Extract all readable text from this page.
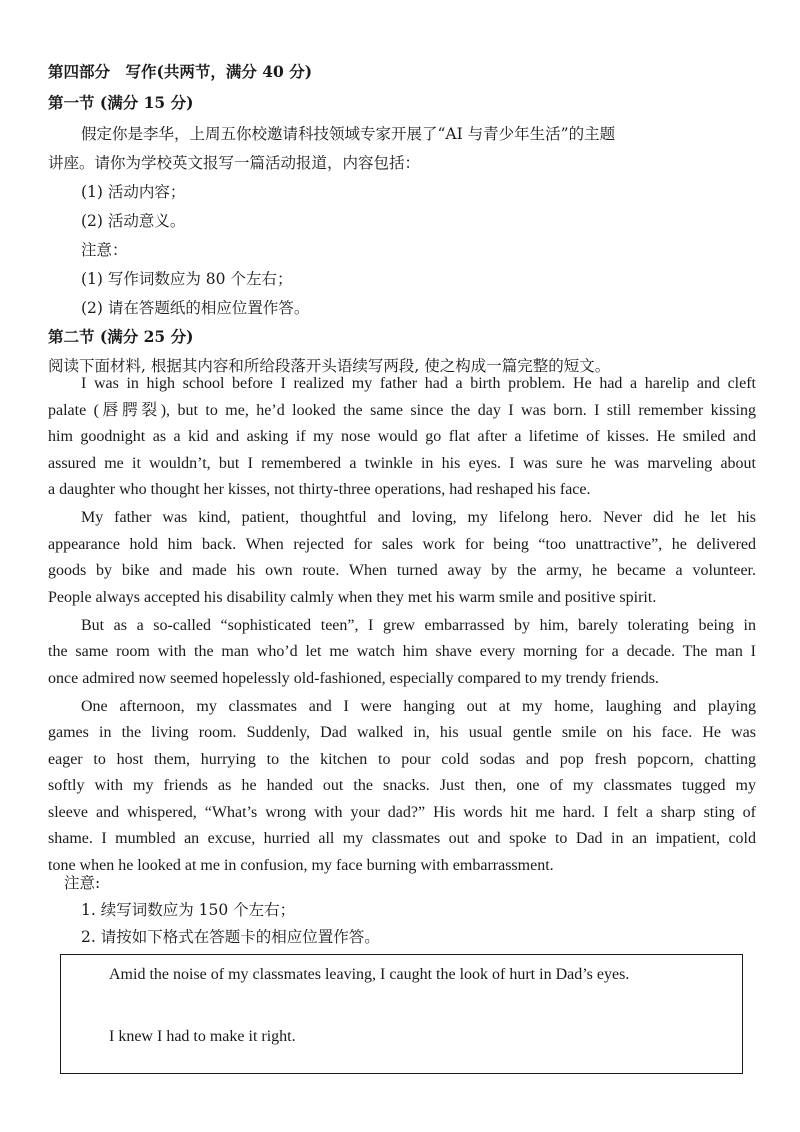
第四部分　写作(共两节，满分 40 分)
第一节 (满分 15 分)
假定你是李华，上周五你校邀请科技领域专家开展了“AI 与青少年生活”的主题
讲座。请你为学校英文报写一篇活动报道，内容包括：
(1) 活动内容；
(2) 活动意义。
注意：
(1) 写作词数应为 80 个左右；
(2) 请在答题纸的相应位置作答。
第二节 (满分 25 分)
阅读下面材料, 根据其内容和所给段落开头语续写两段, 使之构成一篇完整的短文。
I was in high school before I realized my father had a birth problem. He had a harelip and cleft
palate (唇腭裂), but to me, he’d looked the same since the day I was born. I still remember kissing
him goodnight as a kid and asking if my nose would go flat after a lifetime of kisses. He smiled and
assured me it wouldn’t, but I remembered a twinkle in his eyes. I was sure he was marveling about
a daughter who thought her kisses, not thirty-three operations, had reshaped his face.
My father was kind, patient, thoughtful and loving, my lifelong hero. Never did he let his
appearance hold him back. When rejected for sales work for being “too unattractive”, he delivered
goods by bike and made his own route. When turned away by the army, he became a volunteer.
People always accepted his disability calmly when they met his warm smile and positive spirit.
But as a so-called “sophisticated teen”, I grew embarrassed by him, barely tolerating being in
the same room with the man who’d let me watch him shave every morning for a decade. The man I
once admired now seemed hopelessly old-fashioned, especially compared to my trendy friends.
One afternoon, my classmates and I were hanging out at my home, laughing and playing
games in the living room. Suddenly, Dad walked in, his usual gentle smile on his face. He was
eager to host them, hurrying to the kitchen to pour cold sodas and pop fresh popcorn, chatting
softly with my friends as he handed out the snacks. Just then, one of my classmates tugged my
sleeve and whispered, “What’s wrong with your dad?” His words hit me hard. I felt a sharp sting of
shame. I mumbled an excuse, hurried all my classmates out and spoke to Dad in an impatient, cold
tone when he looked at me in confusion, my face burning with embarrassment.
注意:
Amid the noise of my classmates leaving, I caught the look of hurt in Dad’s eyes.
I knew I had to make it right.
1. 续写词数应为 150 个左右；
2. 请按如下格式在答题卡的相应位置作答。
